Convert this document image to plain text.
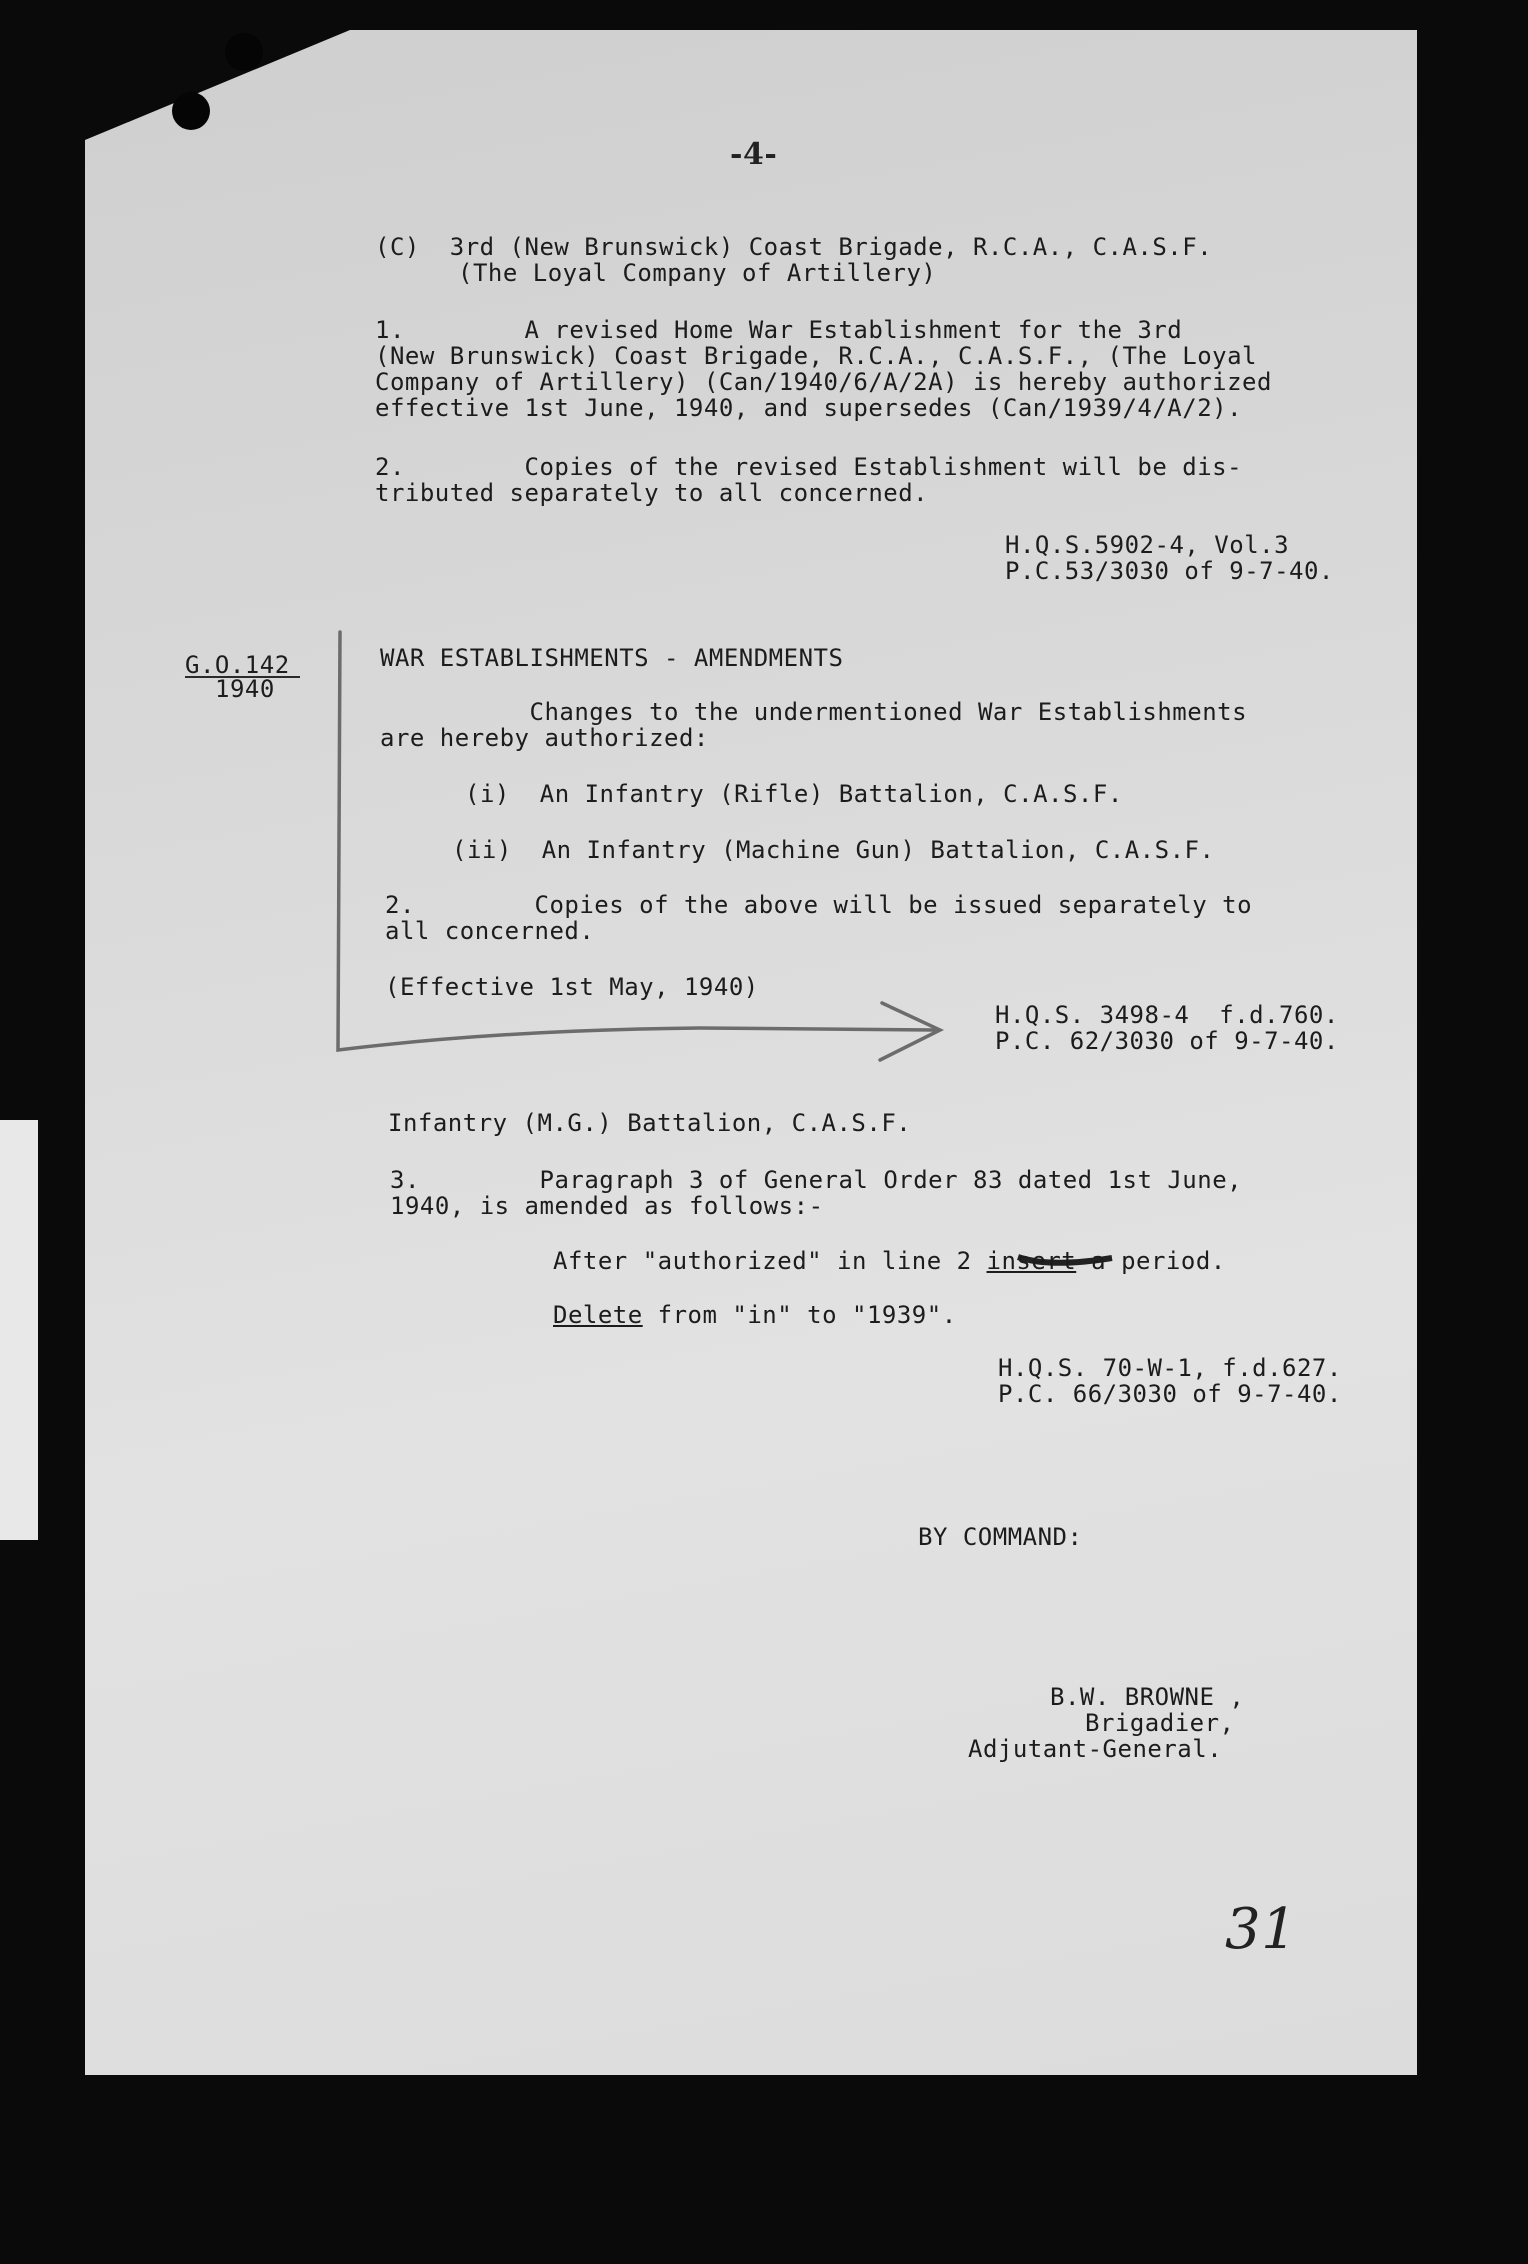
-4-
(C)  3rd (New Brunswick) Coast Brigade, R.C.A., C.A.S.F.
(The Loyal Company of Artillery)
1.        A revised Home War Establishment for the 3rd
(New Brunswick) Coast Brigade, R.C.A., C.A.S.F., (The Loyal
Company of Artillery) (Can/1940/6/A/2A) is hereby authorized
effective 1st June, 1940, and supersedes (Can/1939/4/A/2).
2.        Copies of the revised Establishment will be dis-
tributed separately to all concerned.
H.Q.S.5902-4, Vol.3
P.C.53/3030 of 9-7-40.
G.O.142
1940
WAR ESTABLISHMENTS - AMENDMENTS
Changes to the undermentioned War Establishments
are hereby authorized:
(i)  An Infantry (Rifle) Battalion, C.A.S.F.
(ii)  An Infantry (Machine Gun) Battalion, C.A.S.F.
2.        Copies of the above will be issued separately to
all concerned.
(Effective 1st May, 1940)
H.Q.S. 3498-4  f.d.760.
P.C. 62/3030 of 9-7-40.
Infantry (M.G.) Battalion, C.A.S.F.
3.        Paragraph 3 of General Order 83 dated 1st June,
1940, is amended as follows:-
After "authorized" in line 2 insert a period.
Delete from "in" to "1939".
H.Q.S. 70-W-1, f.d.627.
P.C. 66/3030 of 9-7-40.
BY COMMAND:
B.W. BROWNE ,
Brigadier,
Adjutant-General.
31
